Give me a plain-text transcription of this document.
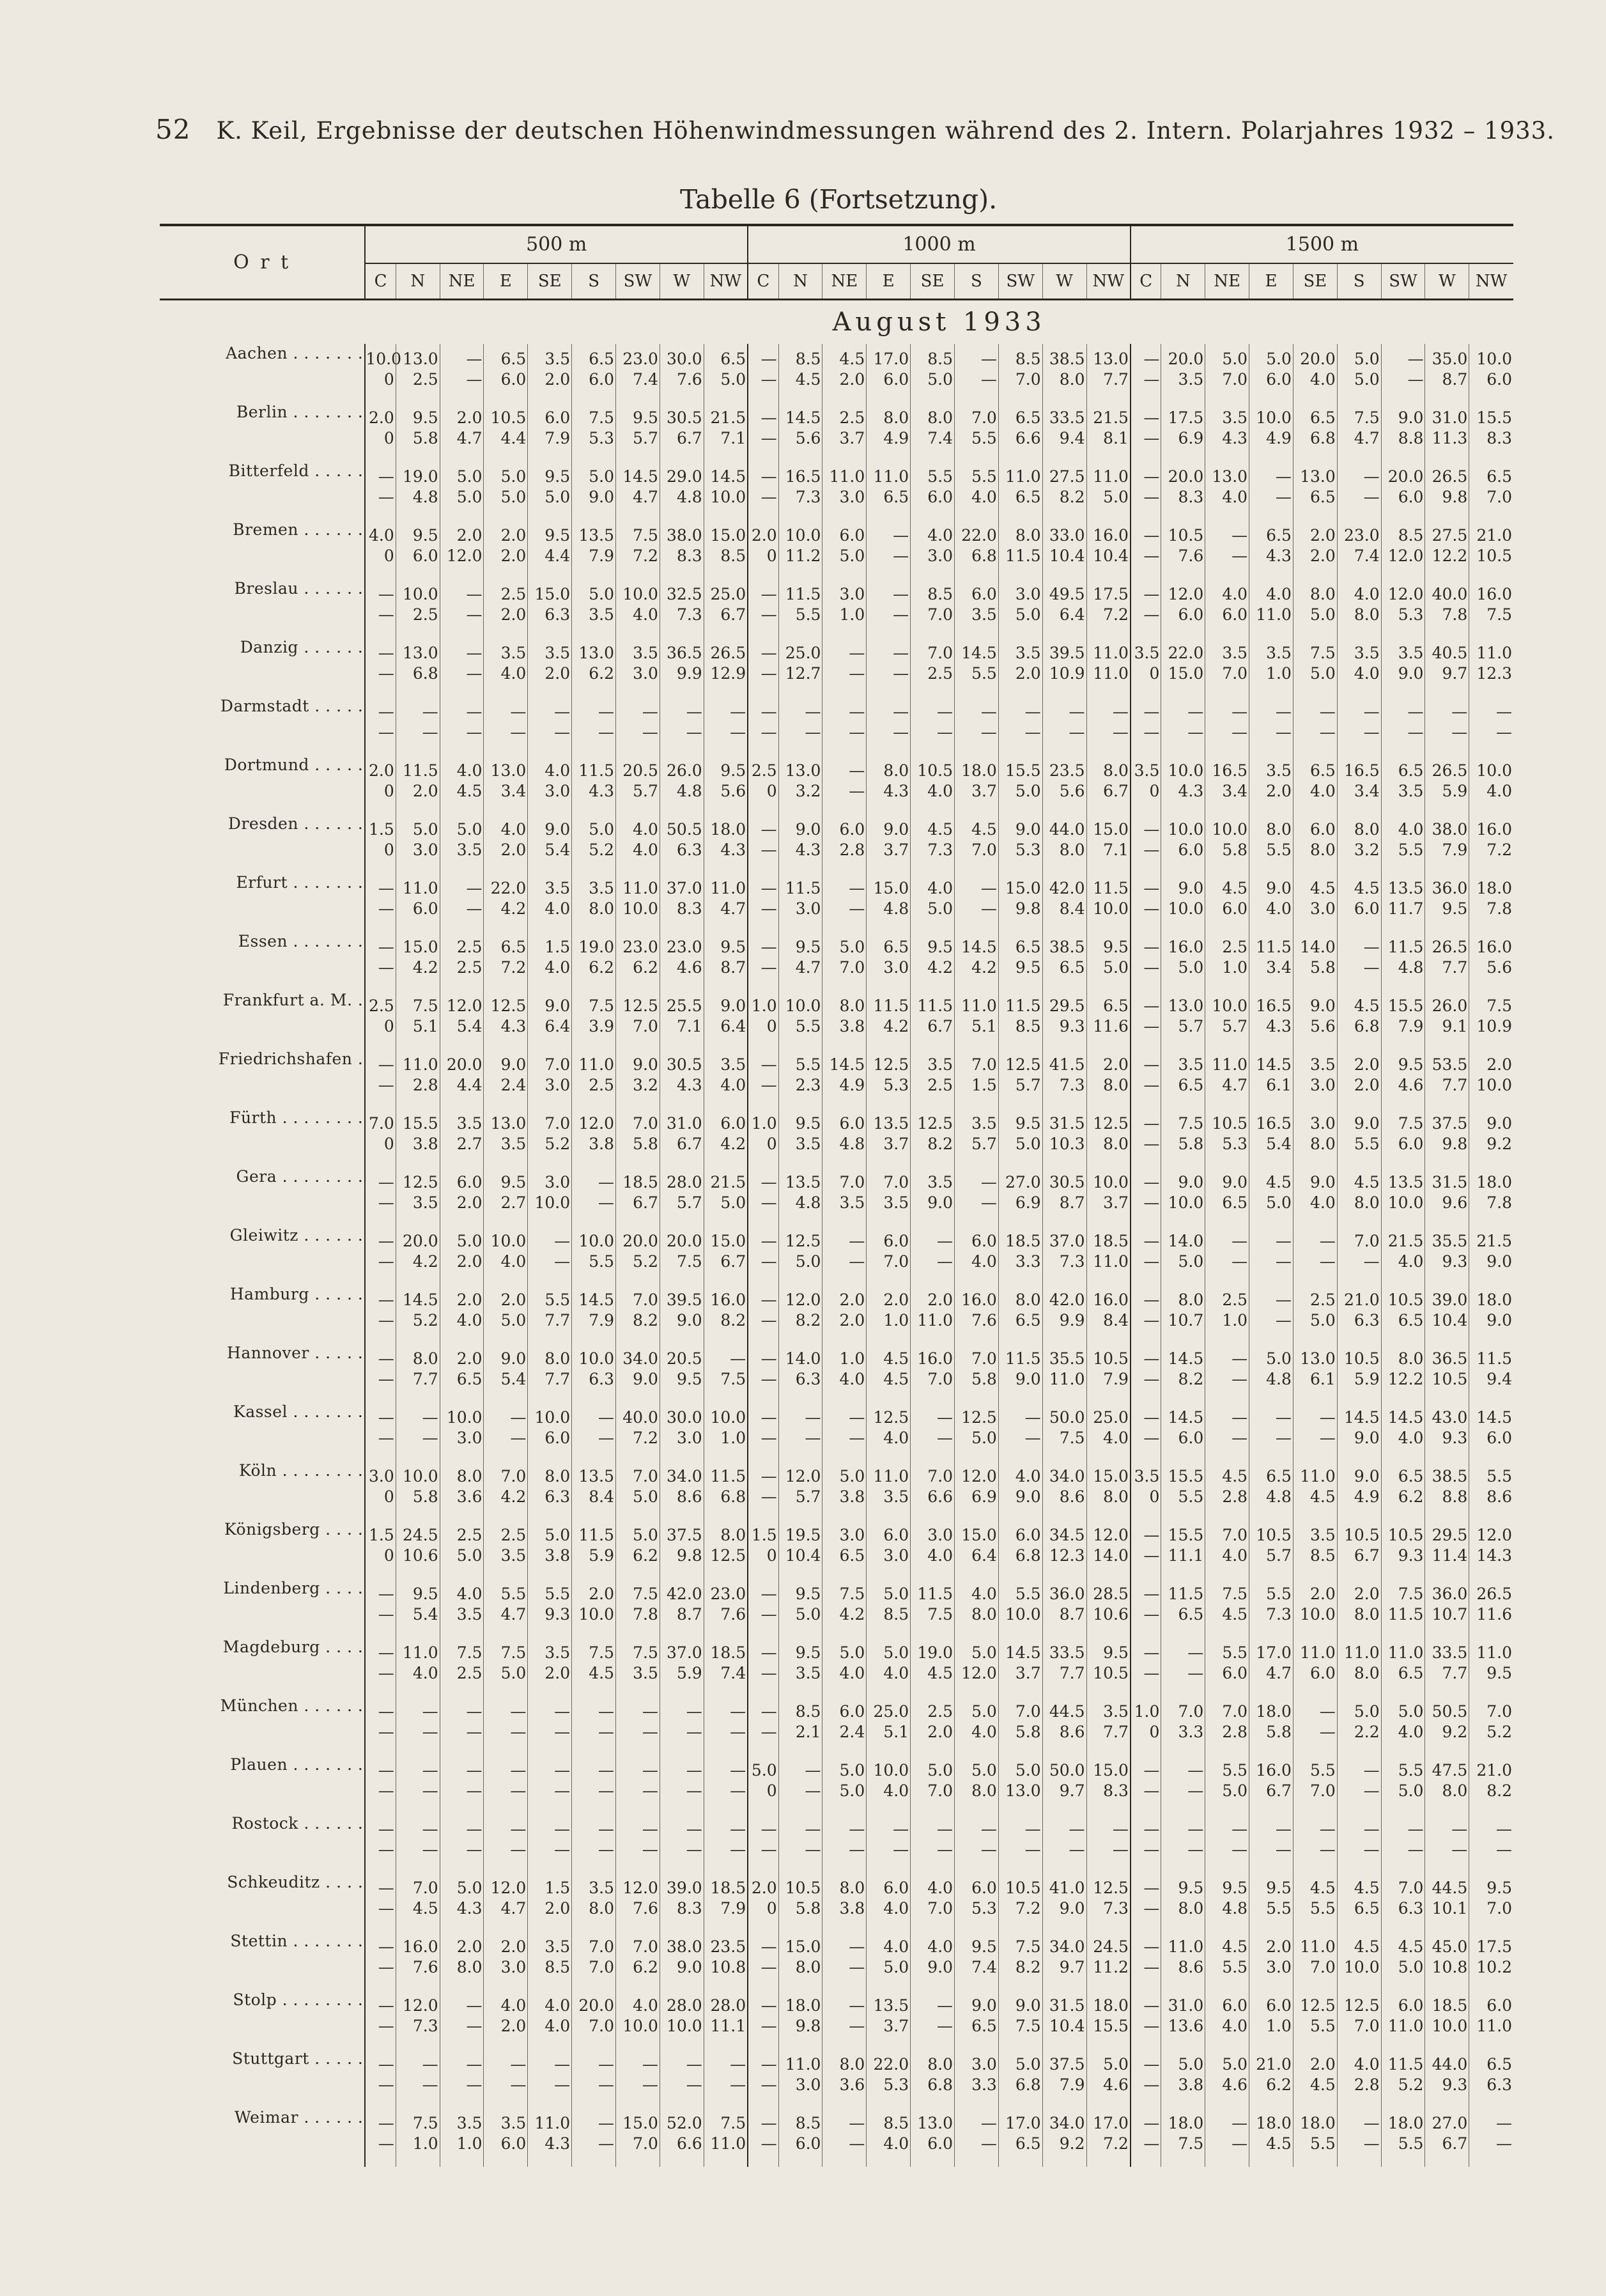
52 K. Keil, Ergebnisse der deutschen Höhenwindmessungen während des 2. Intern. Polarjahres 1932 – 1933.
Tabelle 6 (Fortsetzung).
O r t	500 m									1000 m									1500 m								
	C	N	NE	E	SE	S	SW	W	NW	C	N	NE	E	SE	S	SW	W	NW	C	N	NE	E	SE	S	SW	W	NW
	August 1933																										
Aachen . . . . . . .	10.0	13.0	—	6.5	3.5	6.5	23.0	30.0	6.5	—	8.5	4.5	17.0	8.5	—	8.5	38.5	13.0	—	20.0	5.0	5.0	20.0	5.0	—	35.0	10.0
	0	2.5	—	6.0	2.0	6.0	7.4	7.6	5.0	—	4.5	2.0	6.0	5.0	—	7.0	8.0	7.7	—	3.5	7.0	6.0	4.0	5.0	—	8.7	6.0
Berlin . . . . . . .	2.0	9.5	2.0	10.5	6.0	7.5	9.5	30.5	21.5	—	14.5	2.5	8.0	8.0	7.0	6.5	33.5	21.5	—	17.5	3.5	10.0	6.5	7.5	9.0	31.0	15.5
	0	5.8	4.7	4.4	7.9	5.3	5.7	6.7	7.1	—	5.6	3.7	4.9	7.4	5.5	6.6	9.4	8.1	—	6.9	4.3	4.9	6.8	4.7	8.8	11.3	8.3
Bitterfeld . . . . .	—	19.0	5.0	5.0	9.5	5.0	14.5	29.0	14.5	—	16.5	11.0	11.0	5.5	5.5	11.0	27.5	11.0	—	20.0	13.0	—	13.0	—	20.0	26.5	6.5
	—	4.8	5.0	5.0	5.0	9.0	4.7	4.8	10.0	—	7.3	3.0	6.5	6.0	4.0	6.5	8.2	5.0	—	8.3	4.0	—	6.5	—	6.0	9.8	7.0
Bremen . . . . . .	4.0	9.5	2.0	2.0	9.5	13.5	7.5	38.0	15.0	2.0	10.0	6.0	—	4.0	22.0	8.0	33.0	16.0	—	10.5	—	6.5	2.0	23.0	8.5	27.5	21.0
	0	6.0	12.0	2.0	4.4	7.9	7.2	8.3	8.5	0	11.2	5.0	—	3.0	6.8	11.5	10.4	10.4	—	7.6	—	4.3	2.0	7.4	12.0	12.2	10.5
Breslau . . . . . .	—	10.0	—	2.5	15.0	5.0	10.0	32.5	25.0	—	11.5	3.0	—	8.5	6.0	3.0	49.5	17.5	—	12.0	4.0	4.0	8.0	4.0	12.0	40.0	16.0
	—	2.5	—	2.0	6.3	3.5	4.0	7.3	6.7	—	5.5	1.0	—	7.0	3.5	5.0	6.4	7.2	—	6.0	6.0	11.0	5.0	8.0	5.3	7.8	7.5
Danzig . . . . . .	—	13.0	—	3.5	3.5	13.0	3.5	36.5	26.5	—	25.0	—	—	7.0	14.5	3.5	39.5	11.0	3.5	22.0	3.5	3.5	7.5	3.5	3.5	40.5	11.0
	—	6.8	—	4.0	2.0	6.2	3.0	9.9	12.9	—	12.7	—	—	2.5	5.5	2.0	10.9	11.0	0	15.0	7.0	1.0	5.0	4.0	9.0	9.7	12.3
Darmstadt . . . . .	—	—	—	—	—	—	—	—	—	—	—	—	—	—	—	—	—	—	—	—	—	—	—	—	—	—	—
	—	—	—	—	—	—	—	—	—	—	—	—	—	—	—	—	—	—	—	—	—	—	—	—	—	—	—
Dortmund . . . . .	2.0	11.5	4.0	13.0	4.0	11.5	20.5	26.0	9.5	2.5	13.0	—	8.0	10.5	18.0	15.5	23.5	8.0	3.5	10.0	16.5	3.5	6.5	16.5	6.5	26.5	10.0
	0	2.0	4.5	3.4	3.0	4.3	5.7	4.8	5.6	0	3.2	—	4.3	4.0	3.7	5.0	5.6	6.7	0	4.3	3.4	2.0	4.0	3.4	3.5	5.9	4.0
Dresden . . . . . .	1.5	5.0	5.0	4.0	9.0	5.0	4.0	50.5	18.0	—	9.0	6.0	9.0	4.5	4.5	9.0	44.0	15.0	—	10.0	10.0	8.0	6.0	8.0	4.0	38.0	16.0
	0	3.0	3.5	2.0	5.4	5.2	4.0	6.3	4.3	—	4.3	2.8	3.7	7.3	7.0	5.3	8.0	7.1	—	6.0	5.8	5.5	8.0	3.2	5.5	7.9	7.2
Erfurt . . . . . . .	—	11.0	—	22.0	3.5	3.5	11.0	37.0	11.0	—	11.5	—	15.0	4.0	—	15.0	42.0	11.5	—	9.0	4.5	9.0	4.5	4.5	13.5	36.0	18.0
	—	6.0	—	4.2	4.0	8.0	10.0	8.3	4.7	—	3.0	—	4.8	5.0	—	9.8	8.4	10.0	—	10.0	6.0	4.0	3.0	6.0	11.7	9.5	7.8
Essen . . . . . . .	—	15.0	2.5	6.5	1.5	19.0	23.0	23.0	9.5	—	9.5	5.0	6.5	9.5	14.5	6.5	38.5	9.5	—	16.0	2.5	11.5	14.0	—	11.5	26.5	16.0
	—	4.2	2.5	7.2	4.0	6.2	6.2	4.6	8.7	—	4.7	7.0	3.0	4.2	4.2	9.5	6.5	5.0	—	5.0	1.0	3.4	5.8	—	4.8	7.7	5.6
Frankfurt a. M. .	2.5	7.5	12.0	12.5	9.0	7.5	12.5	25.5	9.0	1.0	10.0	8.0	11.5	11.5	11.0	11.5	29.5	6.5	—	13.0	10.0	16.5	9.0	4.5	15.5	26.0	7.5
	0	5.1	5.4	4.3	6.4	3.9	7.0	7.1	6.4	0	5.5	3.8	4.2	6.7	5.1	8.5	9.3	11.6	—	5.7	5.7	4.3	5.6	6.8	7.9	9.1	10.9
Friedrichshafen .	—	11.0	20.0	9.0	7.0	11.0	9.0	30.5	3.5	—	5.5	14.5	12.5	3.5	7.0	12.5	41.5	2.0	—	3.5	11.0	14.5	3.5	2.0	9.5	53.5	2.0
	—	2.8	4.4	2.4	3.0	2.5	3.2	4.3	4.0	—	2.3	4.9	5.3	2.5	1.5	5.7	7.3	8.0	—	6.5	4.7	6.1	3.0	2.0	4.6	7.7	10.0
Fürth . . . . . . . .	7.0	15.5	3.5	13.0	7.0	12.0	7.0	31.0	6.0	1.0	9.5	6.0	13.5	12.5	3.5	9.5	31.5	12.5	—	7.5	10.5	16.5	3.0	9.0	7.5	37.5	9.0
	0	3.8	2.7	3.5	5.2	3.8	5.8	6.7	4.2	0	3.5	4.8	3.7	8.2	5.7	5.0	10.3	8.0	—	5.8	5.3	5.4	8.0	5.5	6.0	9.8	9.2
Gera . . . . . . . .	—	12.5	6.0	9.5	3.0	—	18.5	28.0	21.5	—	13.5	7.0	7.0	3.5	—	27.0	30.5	10.0	—	9.0	9.0	4.5	9.0	4.5	13.5	31.5	18.0
	—	3.5	2.0	2.7	10.0	—	6.7	5.7	5.0	—	4.8	3.5	3.5	9.0	—	6.9	8.7	3.7	—	10.0	6.5	5.0	4.0	8.0	10.0	9.6	7.8
Gleiwitz . . . . . .	—	20.0	5.0	10.0	—	10.0	20.0	20.0	15.0	—	12.5	—	6.0	—	6.0	18.5	37.0	18.5	—	14.0	—	—	—	7.0	21.5	35.5	21.5
	—	4.2	2.0	4.0	—	5.5	5.2	7.5	6.7	—	5.0	—	7.0	—	4.0	3.3	7.3	11.0	—	5.0	—	—	—	—	4.0	9.3	9.0
Hamburg . . . . .	—	14.5	2.0	2.0	5.5	14.5	7.0	39.5	16.0	—	12.0	2.0	2.0	2.0	16.0	8.0	42.0	16.0	—	8.0	2.5	—	2.5	21.0	10.5	39.0	18.0
	—	5.2	4.0	5.0	7.7	7.9	8.2	9.0	8.2	—	8.2	2.0	1.0	11.0	7.6	6.5	9.9	8.4	—	10.7	1.0	—	5.0	6.3	6.5	10.4	9.0
Hannover . . . . .	—	8.0	2.0	9.0	8.0	10.0	34.0	20.5	—	—	14.0	1.0	4.5	16.0	7.0	11.5	35.5	10.5	—	14.5	—	5.0	13.0	10.5	8.0	36.5	11.5
	—	7.7	6.5	5.4	7.7	6.3	9.0	9.5	7.5	—	6.3	4.0	4.5	7.0	5.8	9.0	11.0	7.9	—	8.2	—	4.8	6.1	5.9	12.2	10.5	9.4
Kassel . . . . . . .	—	—	10.0	—	10.0	—	40.0	30.0	10.0	—	—	—	12.5	—	12.5	—	50.0	25.0	—	14.5	—	—	—	14.5	14.5	43.0	14.5
	—	—	3.0	—	6.0	—	7.2	3.0	1.0	—	—	—	4.0	—	5.0	—	7.5	4.0	—	6.0	—	—	—	9.0	4.0	9.3	6.0
Köln . . . . . . . .	3.0	10.0	8.0	7.0	8.0	13.5	7.0	34.0	11.5	—	12.0	5.0	11.0	7.0	12.0	4.0	34.0	15.0	3.5	15.5	4.5	6.5	11.0	9.0	6.5	38.5	5.5
	0	5.8	3.6	4.2	6.3	8.4	5.0	8.6	6.8	—	5.7	3.8	3.5	6.6	6.9	9.0	8.6	8.0	0	5.5	2.8	4.8	4.5	4.9	6.2	8.8	8.6
Königsberg . . . .	1.5	24.5	2.5	2.5	5.0	11.5	5.0	37.5	8.0	1.5	19.5	3.0	6.0	3.0	15.0	6.0	34.5	12.0	—	15.5	7.0	10.5	3.5	10.5	10.5	29.5	12.0
	0	10.6	5.0	3.5	3.8	5.9	6.2	9.8	12.5	0	10.4	6.5	3.0	4.0	6.4	6.8	12.3	14.0	—	11.1	4.0	5.7	8.5	6.7	9.3	11.4	14.3
Lindenberg . . . .	—	9.5	4.0	5.5	5.5	2.0	7.5	42.0	23.0	—	9.5	7.5	5.0	11.5	4.0	5.5	36.0	28.5	—	11.5	7.5	5.5	2.0	2.0	7.5	36.0	26.5
	—	5.4	3.5	4.7	9.3	10.0	7.8	8.7	7.6	—	5.0	4.2	8.5	7.5	8.0	10.0	8.7	10.6	—	6.5	4.5	7.3	10.0	8.0	11.5	10.7	11.6
Magdeburg . . . .	—	11.0	7.5	7.5	3.5	7.5	7.5	37.0	18.5	—	9.5	5.0	5.0	19.0	5.0	14.5	33.5	9.5	—	—	5.5	17.0	11.0	11.0	11.0	33.5	11.0
	—	4.0	2.5	5.0	2.0	4.5	3.5	5.9	7.4	—	3.5	4.0	4.0	4.5	12.0	3.7	7.7	10.5	—	—	6.0	4.7	6.0	8.0	6.5	7.7	9.5
München . . . . . .	—	—	—	—	—	—	—	—	—	—	8.5	6.0	25.0	2.5	5.0	7.0	44.5	3.5	1.0	7.0	7.0	18.0	—	5.0	5.0	50.5	7.0
	—	—	—	—	—	—	—	—	—	—	2.1	2.4	5.1	2.0	4.0	5.8	8.6	7.7	0	3.3	2.8	5.8	—	2.2	4.0	9.2	5.2
Plauen . . . . . . .	—	—	—	—	—	—	—	—	—	5.0	—	5.0	10.0	5.0	5.0	5.0	50.0	15.0	—	—	5.5	16.0	5.5	—	5.5	47.5	21.0
	—	—	—	—	—	—	—	—	—	0	—	5.0	4.0	7.0	8.0	13.0	9.7	8.3	—	—	5.0	6.7	7.0	—	5.0	8.0	8.2
Rostock . . . . . .	—	—	—	—	—	—	—	—	—	—	—	—	—	—	—	—	—	—	—	—	—	—	—	—	—	—	—
	—	—	—	—	—	—	—	—	—	—	—	—	—	—	—	—	—	—	—	—	—	—	—	—	—	—	—
Schkeuditz . . . .	—	7.0	5.0	12.0	1.5	3.5	12.0	39.0	18.5	2.0	10.5	8.0	6.0	4.0	6.0	10.5	41.0	12.5	—	9.5	9.5	9.5	4.5	4.5	7.0	44.5	9.5
	—	4.5	4.3	4.7	2.0	8.0	7.6	8.3	7.9	0	5.8	3.8	4.0	7.0	5.3	7.2	9.0	7.3	—	8.0	4.8	5.5	5.5	6.5	6.3	10.1	7.0
Stettin . . . . . . .	—	16.0	2.0	2.0	3.5	7.0	7.0	38.0	23.5	—	15.0	—	4.0	4.0	9.5	7.5	34.0	24.5	—	11.0	4.5	2.0	11.0	4.5	4.5	45.0	17.5
	—	7.6	8.0	3.0	8.5	7.0	6.2	9.0	10.8	—	8.0	—	5.0	9.0	7.4	8.2	9.7	11.2	—	8.6	5.5	3.0	7.0	10.0	5.0	10.8	10.2
Stolp . . . . . . . .	—	12.0	—	4.0	4.0	20.0	4.0	28.0	28.0	—	18.0	—	13.5	—	9.0	9.0	31.5	18.0	—	31.0	6.0	6.0	12.5	12.5	6.0	18.5	6.0
	—	7.3	—	2.0	4.0	7.0	10.0	10.0	11.1	—	9.8	—	3.7	—	6.5	7.5	10.4	15.5	—	13.6	4.0	1.0	5.5	7.0	11.0	10.0	11.0
Stuttgart . . . . .	—	—	—	—	—	—	—	—	—	—	11.0	8.0	22.0	8.0	3.0	5.0	37.5	5.0	—	5.0	5.0	21.0	2.0	4.0	11.5	44.0	6.5
	—	—	—	—	—	—	—	—	—	—	3.0	3.6	5.3	6.8	3.3	6.8	7.9	4.6	—	3.8	4.6	6.2	4.5	2.8	5.2	9.3	6.3
Weimar . . . . . .	—	7.5	3.5	3.5	11.0	—	15.0	52.0	7.5	—	8.5	—	8.5	13.0	—	17.0	34.0	17.0	—	18.0	—	18.0	18.0	—	18.0	27.0	—
	—	1.0	1.0	6.0	4.3	—	7.0	6.6	11.0	—	6.0	—	4.0	6.0	—	6.5	9.2	7.2	—	7.5	—	4.5	5.5	—	5.5	6.7	—
